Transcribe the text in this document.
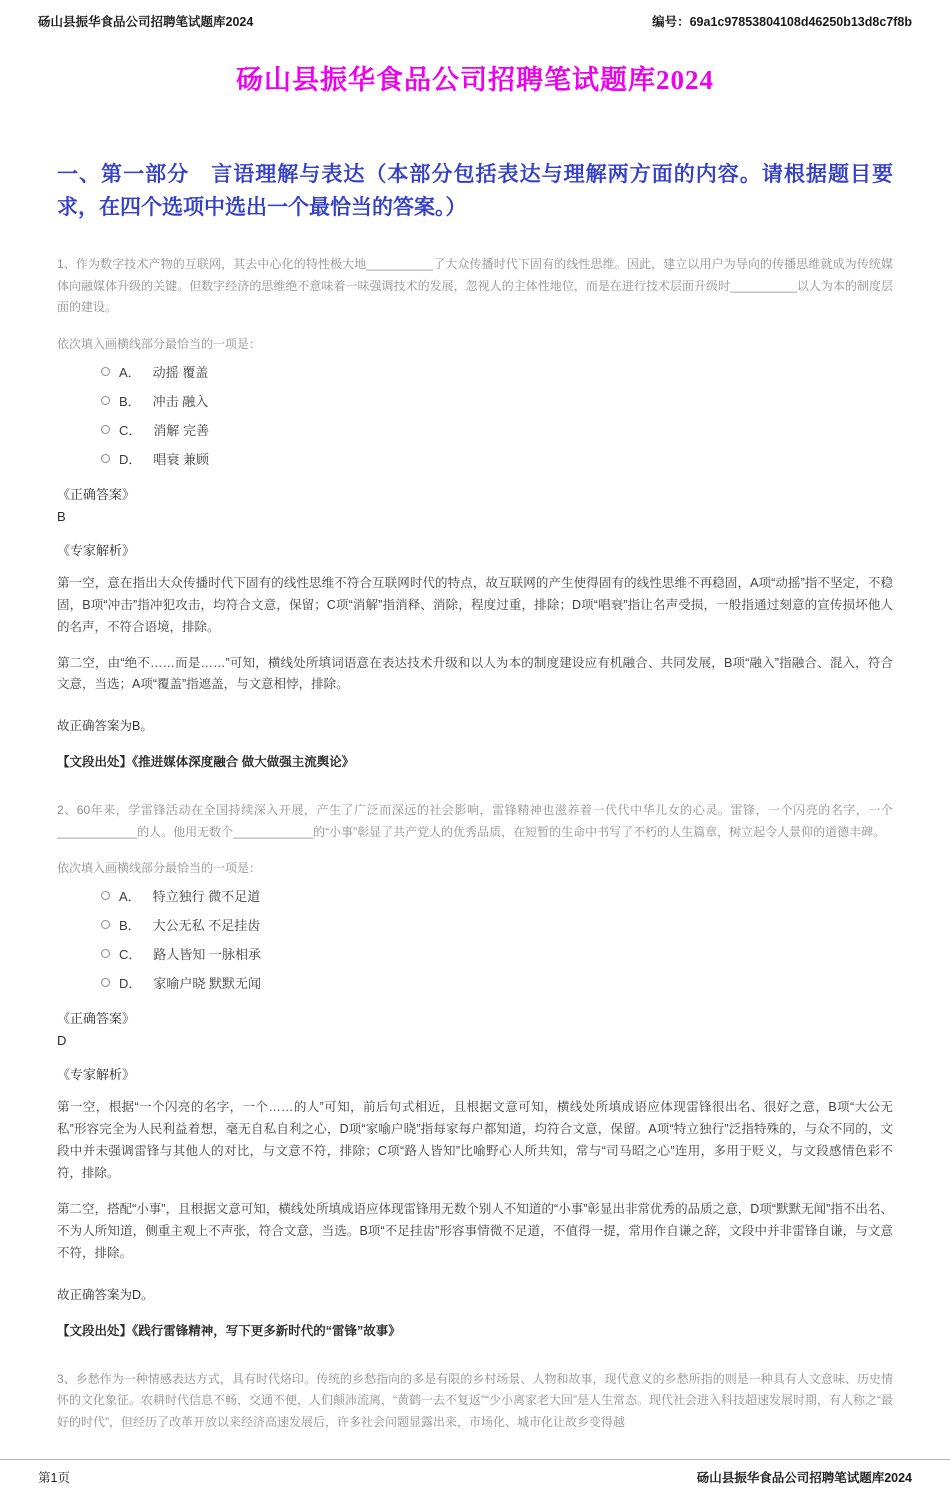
砀山县振华食品公司招聘笔试题库2024	编号：69a1c97853804108d46250b13d8c7f8b
砀山县振华食品公司招聘笔试题库2024
一、第一部分　言语理解与表达（本部分包括表达与理解两方面的内容。请根据题目要求，在四个选项中选出一个最恰当的答案。）

1、作为数字技术产物的互联网，其去中心化的特性极大地__________了大众传播时代下固有的线性思维。因此，建立以用户为导向的传播思维就成为传统媒体向融媒体升级的关键。但数字经济的思维绝不意味着一味强调技术的发展，忽视人的主体性地位，而是在进行技术层面升级时__________以人为本的制度层面的建设。

依次填入画横线部分最恰当的一项是：

A． 动摇 覆盖
B． 冲击 融入
C． 消解 完善
D． 唱衰 兼顾

《正确答案》

B

《专家解析》

第一空，意在指出大众传播时代下固有的线性思维不符合互联网时代的特点，故互联网的产生使得固有的线性思维不再稳固，A项“动摇”指不坚定，不稳固，B项“冲击”指冲犯攻击，均符合文意，保留；C项“消解”指消释、消除，程度过重，排除；D项“唱衰”指让名声受损，一般指通过刻意的宣传损坏他人的名声，不符合语境，排除。

第二空，由“绝不……而是……”可知，横线处所填词语意在表达技术升级和以人为本的制度建设应有机融合、共同发展，B项“融入”指融合、混入，符合文意，当选；A项“覆盖”指遮盖，与文意相悖，排除。

故正确答案为B。

【文段出处】《推进媒体深度融合 做大做强主流舆论》

2、60年来，学雷锋活动在全国持续深入开展，产生了广泛而深远的社会影响，雷锋精神也滋养着一代代中华儿女的心灵。雷锋，一个闪亮的名字，一个____________的人。他用无数个____________的“小事”彰显了共产党人的优秀品质，在短暂的生命中书写了不朽的人生篇章，树立起令人景仰的道德丰碑。

依次填入画横线部分最恰当的一项是：

A． 特立独行 微不足道
B． 大公无私 不足挂齿
C． 路人皆知 一脉相承
D． 家喻户晓 默默无闻

《正确答案》

D

《专家解析》

第一空，根据“一个闪亮的名字，一个……的人”可知，前后句式相近，且根据文意可知，横线处所填成语应体现雷锋很出名、很好之意，B项“大公无私”形容完全为人民利益着想，毫无自私自利之心，D项“家喻户晓”指每家每户都知道，均符合文意，保留。A项“特立独行”泛指特殊的，与众不同的，文段中并未强调雷锋与其他人的对比，与文意不符，排除；C项“路人皆知”比喻野心人所共知，常与“司马昭之心”连用，多用于贬义，与文段感情色彩不符，排除。

第二空，搭配“小事”，且根据文意可知，横线处所填成语应体现雷锋用无数个别人不知道的“小事”彰显出非常优秀的品质之意，D项“默默无闻”指不出名、不为人所知道，侧重主观上不声张，符合文意，当选。B项“不足挂齿”形容事情微不足道，不值得一提，常用作自谦之辞，文段中并非雷锋自谦，与文意不符，排除。

故正确答案为D。

【文段出处】《践行雷锋精神，写下更多新时代的“雷锋”故事》

3、乡愁作为一种情感表达方式，具有时代烙印。传统的乡愁指向的多是有限的乡村场景、人物和故事，现代意义的乡愁所指的则是一种具有人文意味、历史情怀的文化象征。农耕时代信息不畅，交通不便，人们颠沛流离，“黄鹤一去不复返”“少小离家老大回”是人生常态。现代社会进入科技超速发展时期，有人称之“最好的时代”，但经历了改革开放以来经济高速发展后，许多社会问题显露出来，市场化、城市化让故乡变得越

第1页	砀山县振华食品公司招聘笔试题库2024
